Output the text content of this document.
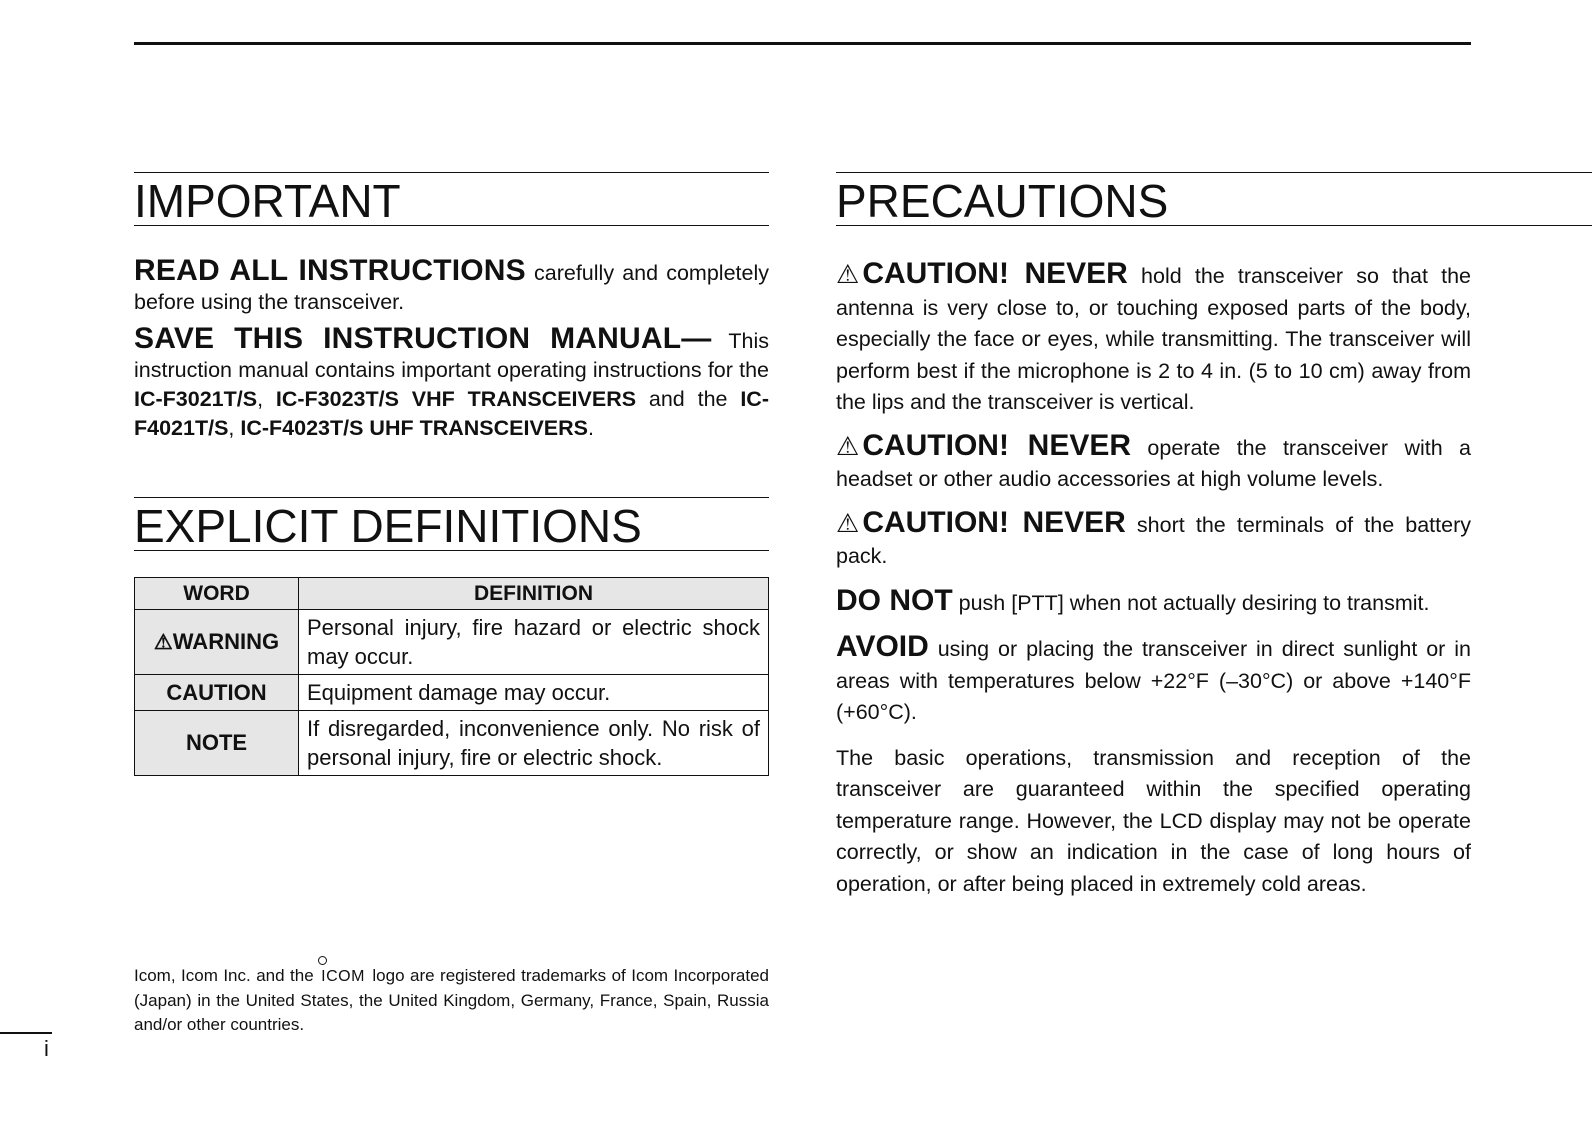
IMPORTANT

READ ALL INSTRUCTIONS carefully and completely before using the transceiver.

SAVE THIS INSTRUCTION MANUAL— This instruction manual contains important operating instructions for the IC-F3021T/S, IC-F3023T/S VHF TRANSCEIVERS and the IC-F4021T/S, IC-F4023T/S UHF TRANSCEIVERS.

EXPLICIT DEFINITIONS
WORD	DEFINITION
⚠WARNING	Personal injury, fire hazard or electric shock may occur.
CAUTION	Equipment damage may occur.
NOTE	If disregarded, inconvenience only. No risk of personal injury, fire or electric shock.
Icom, Icom Inc. and the
ICOM logo are registered trademarks of Icom Incorporated (Japan) in the United States, the United Kingdom, Germany, France, Spain, Russia and/or other countries.
PRECAUTIONS

⚠ CAUTION! NEVER hold the transceiver so that the antenna is very close to, or touching exposed parts of the body, especially the face or eyes, while transmitting. The transceiver will perform best if the microphone is 2 to 4 in. (5 to 10 cm) away from the lips and the transceiver is vertical.

⚠ CAUTION! NEVER operate the transceiver with a headset or other audio accessories at high volume levels.

⚠ CAUTION! NEVER short the terminals of the battery pack.

DO NOT push [PTT] when not actually desiring to transmit.

AVOID using or placing the transceiver in direct sunlight or in areas with temperatures below +22°F (–30°C) or above +140°F (+60°C).

The basic operations, transmission and reception of the transceiver are guaranteed within the specified operating temperature range. However, the LCD display may not be operate correctly, or show an indication in the case of long hours of operation, or after being placed in extremely cold areas.

i
